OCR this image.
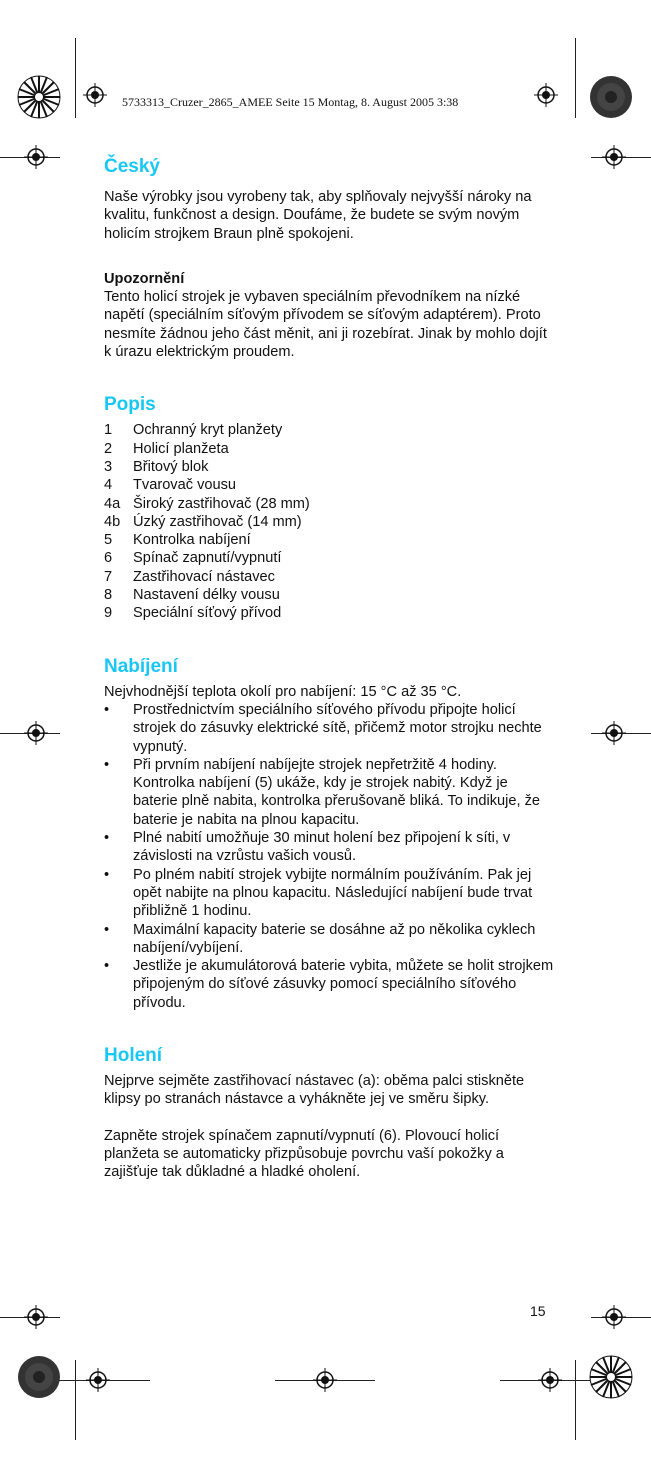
5733313_Cruzer_2865_AMEE Seite 15 Montag, 8. August 2005 3:38
Český

Naše výrobky jsou vyrobeny tak, aby splňovaly nejvyšší nároky na kvalitu, funkčnost a design. Doufáme, že budete se svým novým holicím strojkem Braun plně spokojeni.

Upozornění

Tento holicí strojek je vybaven speciálním převodníkem na nízké napětí (speciálním síťovým přívodem se síťovým adaptérem). Proto nesmíte žádnou jeho část měnit, ani ji rozebírat. Jinak by mohlo dojít k úrazu elektrickým proudem.

Popis
1	Ochranný kryt planžety
2	Holicí planžeta
3	Břitový blok
4	Tvarovač vousu
4a Široký zastřihovač (28 mm)
4b Úzký zastřihovač (14 mm)
5	Kontrolka nabíjení
6	Spínač zapnutí/vypnutí
7	Zastřihovací nástavec
8	Nastavení délky vousu
9	Speciální síťový přívod
Nabíjení

Nejvhodnější teplota okolí pro nabíjení: 15 °C až 35 °C.

•	Prostřednictvím speciálního síťového přívodu připojte holicí strojek do zásuvky elektrické sítě, přičemž motor strojku nechte vypnutý.
•	Při prvním nabíjení nabíjejte strojek nepřetržitě 4 hodiny. Kontrolka nabíjení (5) ukáže, kdy je strojek nabitý. Když je baterie plně nabita, kontrolka přerušovaně bliká. To indikuje, že baterie je nabita na plnou kapacitu.
•	Plné nabití umožňuje 30 minut holení bez připojení k síti, v závislosti na vzrůstu vašich vousů.
•	Po plném nabití strojek vybijte normálním používáním. Pak jej opět nabijte na plnou kapacitu. Následující nabíjení bude trvat přibližně 1 hodinu.
•	Maximální kapacity baterie se dosáhne až po několika cyklech nabíjení/vybíjení.
•	Jestliže je akumulátorová baterie vybita, můžete se holit strojkem připojeným do síťové zásuvky pomocí speciálního síťového přívodu.
Holení

Nejprve sejměte zastřihovací nástavec (a): oběma palci stiskněte klipsy po stranách nástavce a vyhákněte jej ve směru šipky.

Zapněte strojek spínačem zapnutí/vypnutí (6). Plovoucí holicí planžeta se automaticky přizpůsobuje povrchu vaší pokožky a zajišťuje tak důkladné a hladké oholení.

15
